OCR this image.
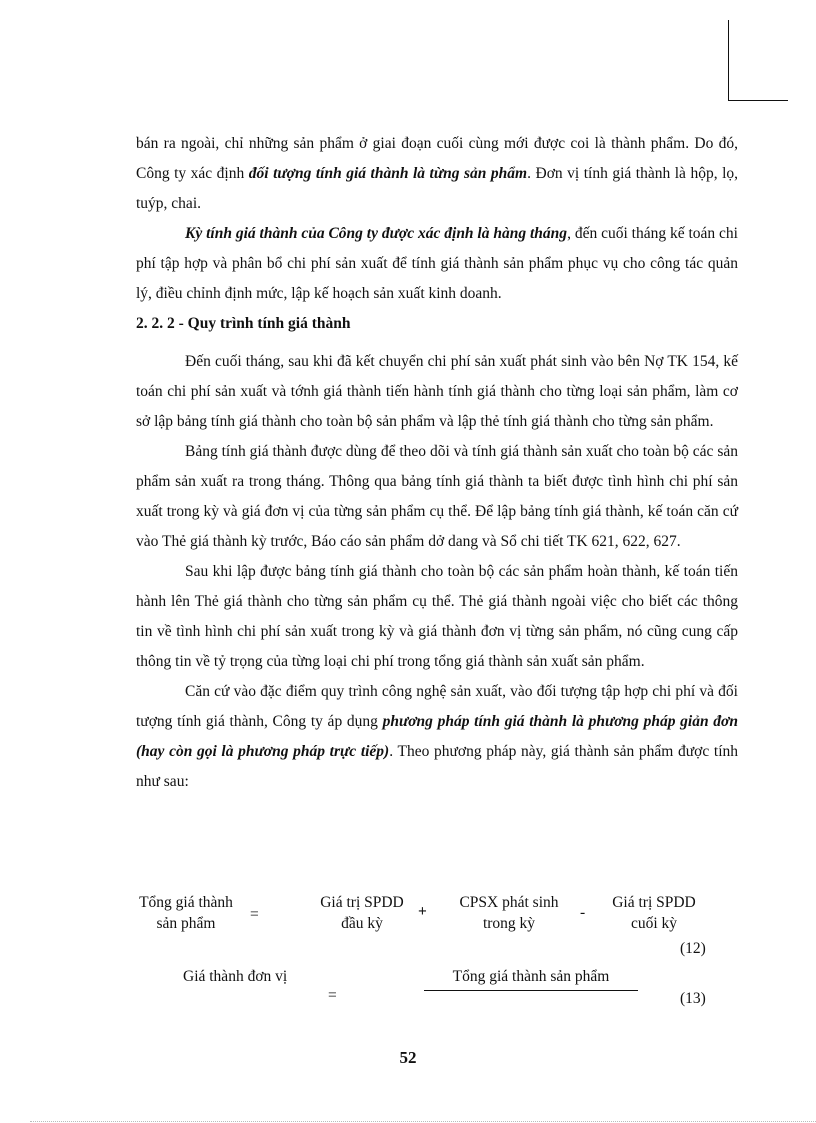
bán ra ngoài, chỉ những sản phẩm ở giai đoạn cuối cùng mới được coi là thành phẩm. Do đó, Công ty xác định đối tượng tính giá thành là từng sản phẩm. Đơn vị tính giá thành là hộp, lọ, tuýp, chai.

Kỳ tính giá thành của Công ty được xác định là hàng tháng, đến cuối tháng kế toán chi phí tập hợp và phân bổ chi phí sản xuất để tính giá thành sản phẩm phục vụ cho công tác quản lý, điều chỉnh định mức, lập kế hoạch sản xuất kinh doanh.

2. 2. 2 - Quy trình tính giá thành

Đến cuối tháng, sau khi đã kết chuyển chi phí sản xuất phát sinh vào bên Nợ TK 154, kế toán chi phí sản xuất và tớnh giá thành tiến hành tính giá thành cho từng loại sản phẩm, làm cơ sở lập bảng tính giá thành cho toàn bộ sản phẩm và lập thẻ tính giá thành cho từng sản phẩm.

Bảng tính giá thành được dùng để theo dõi và tính giá thành sản xuất cho toàn bộ các sản phẩm sản xuất ra trong tháng. Thông qua bảng tính giá thành ta biết được tình hình chi phí sản xuất trong kỳ và giá đơn vị của từng sản phẩm cụ thể. Để lập bảng tính giá thành, kế toán căn cứ vào Thẻ giá thành kỳ trước, Báo cáo sản phẩm dở dang và Sổ chi tiết TK 621, 622, 627.

Sau khi lập được bảng tính giá thành cho toàn bộ các sản phẩm hoàn thành, kế toán tiến hành lên Thẻ giá thành cho từng sản phẩm cụ thể. Thẻ giá thành ngoài việc cho biết các thông tin về tình hình chi phí sản xuất trong kỳ và giá thành đơn vị từng sản phẩm, nó cũng cung cấp thông tin về tỷ trọng của từng loại chi phí trong tổng giá thành sản xuất sản phẩm.

Căn cứ vào đặc điểm quy trình công nghệ sản xuất, vào đối tượng tập hợp chi phí và đối tượng tính giá thành, Công ty áp dụng phương pháp tính giá thành là phương pháp giản đơn (hay còn gọi là phương pháp trực tiếp). Theo phương pháp này, giá thành sản phẩm được tính như sau:

Tổng giá thành
sản phẩm
=
Giá trị SPDD
đầu kỳ
+
CPSX phát sinh
trong kỳ
-
Giá trị SPDD
cuối kỳ
(12)
Giá thành đơn vị
=
Tổng giá thành sản phẩm
(13)
52
